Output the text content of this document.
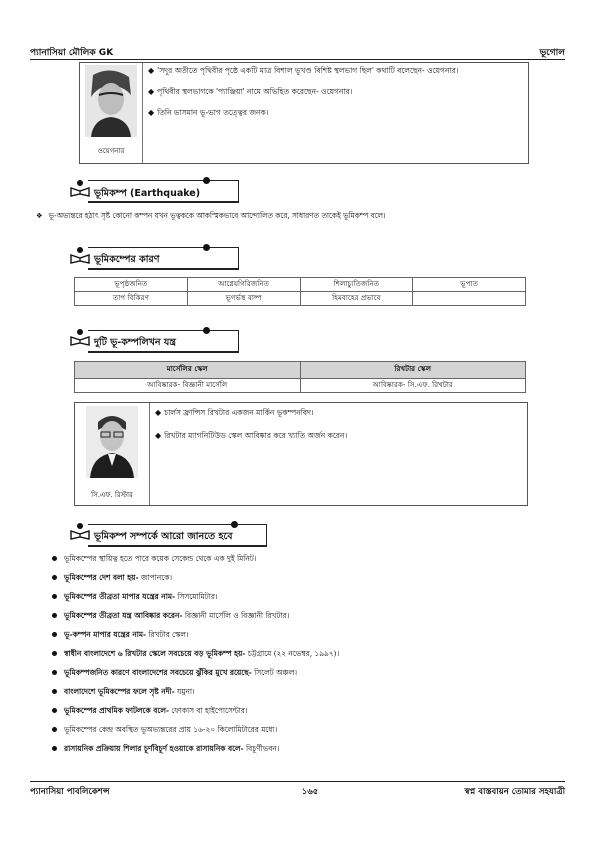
প্যানাসিয়া মৌলিক GK	ভূগোল
ওয়েগনার
◆ 'সদূর অতীতে পৃথিবীর পৃষ্ঠে একটি মাত্র বিশাল ভূখণ্ড বিশিষ্ট স্থলভাগ ছিল' কথাটি বলেছেন- ওয়েগনার।
◆ পৃথিবীর স্থলভাগকে 'প্যাঞ্জিয়া' নামে অভিহিত করেছেন- ওয়েগনার।
◆ তিনি ভাসমান ভূ-ভাগ তত্ত্বের জনক।
ভূমিকম্প (Earthquake)
❖ ভূ-অভ্যন্তরে হঠাৎ সৃষ্ট কোনো কম্পন যখন ভূত্বককে আকস্মিকভাবে আন্দোলিত করে, সাধারণত তাকেই ভূমিকম্প বলে।
ভূমিকম্পের কারণ
ভূপৃষ্ঠজনিত	আগ্নেয়গিরিজনিত	শিলাচ্যুতিজনিত	ভূপাত
তাপ বিকিরণ	ভূগর্ভস্থ বাষ্প	হিমবাহের প্রভাবে	
দুটি ভূ-কম্পলিখন যন্ত্র
মার্সেলির স্কেল	রিখটার স্কেল
আবিষ্কারক- বিজ্ঞানী মার্সেলি	আবিষ্কারক- সি.এফ. রিখটার
সি.এফ. রিস্টার
◆ চার্লস ফ্রান্সিস রিখটার একজন মার্কিন ভূকম্পনবিদ।
◆ রিখটার ম্যাগনিটিউড স্কেল আবিষ্কার করে খ্যাতি অর্জন করেন।
ভূমিকম্প সম্পর্কে আরো জানতে হবে
ভূমিকম্পের স্থায়িত্ব হতে পারে কয়েক সেকেন্ড থেকে এক দুই মিনিট।
ভূমিকম্পের দেশ বলা হয়- জাপানকে।
ভূমিকম্পের তীব্রতা মাপার যন্ত্রের নাম- সিসমোমিটার।
ভূমিকম্পের তীব্রতা যন্ত্র আবিষ্কার করেন- বিজ্ঞানী মার্সেলি ও বিজ্ঞানী রিখটার।
ভূ-কম্পন মাপার যন্ত্রের নাম- রিখটার স্কেল।
স্বাধীন বাংলাদেশে ৬ রিখটার স্কেলে সবচেয়ে বড় ভূমিকম্প হয়- চট্টগ্রামে (২২ নভেম্বর, ১৯৯৭)।
ভূমিকম্পজনিত কারণে বাংলাদেশের সবচেয়ে ঝুঁকির মুখে রয়েছে- সিলেট অঞ্চল।
বাংলাদেশে ভূমিকম্পের ফলে সৃষ্ট নদী- যমুনা।
ভূমিকম্পের প্রাথমিক ফাটলকে বলে- ফোকাস বা হাইপোসেন্টার।
ভূমিকম্পের কেন্দ্র অবস্থিত ভূঅভ্যন্তরের প্রায় ১৬-২০ কিলোমিটারের মধ্যে।
রাসায়নিক প্রক্রিয়ায় শিলার চূর্ণবিচূর্ণ হওয়াকে রাসায়নিক বলে- বিচূর্ণীভবন।
প্যানাসিয়া পাবলিকেশন্স	১৬৫	স্বপ্ন বাস্তবায়ন তোমার সহযাত্রী
